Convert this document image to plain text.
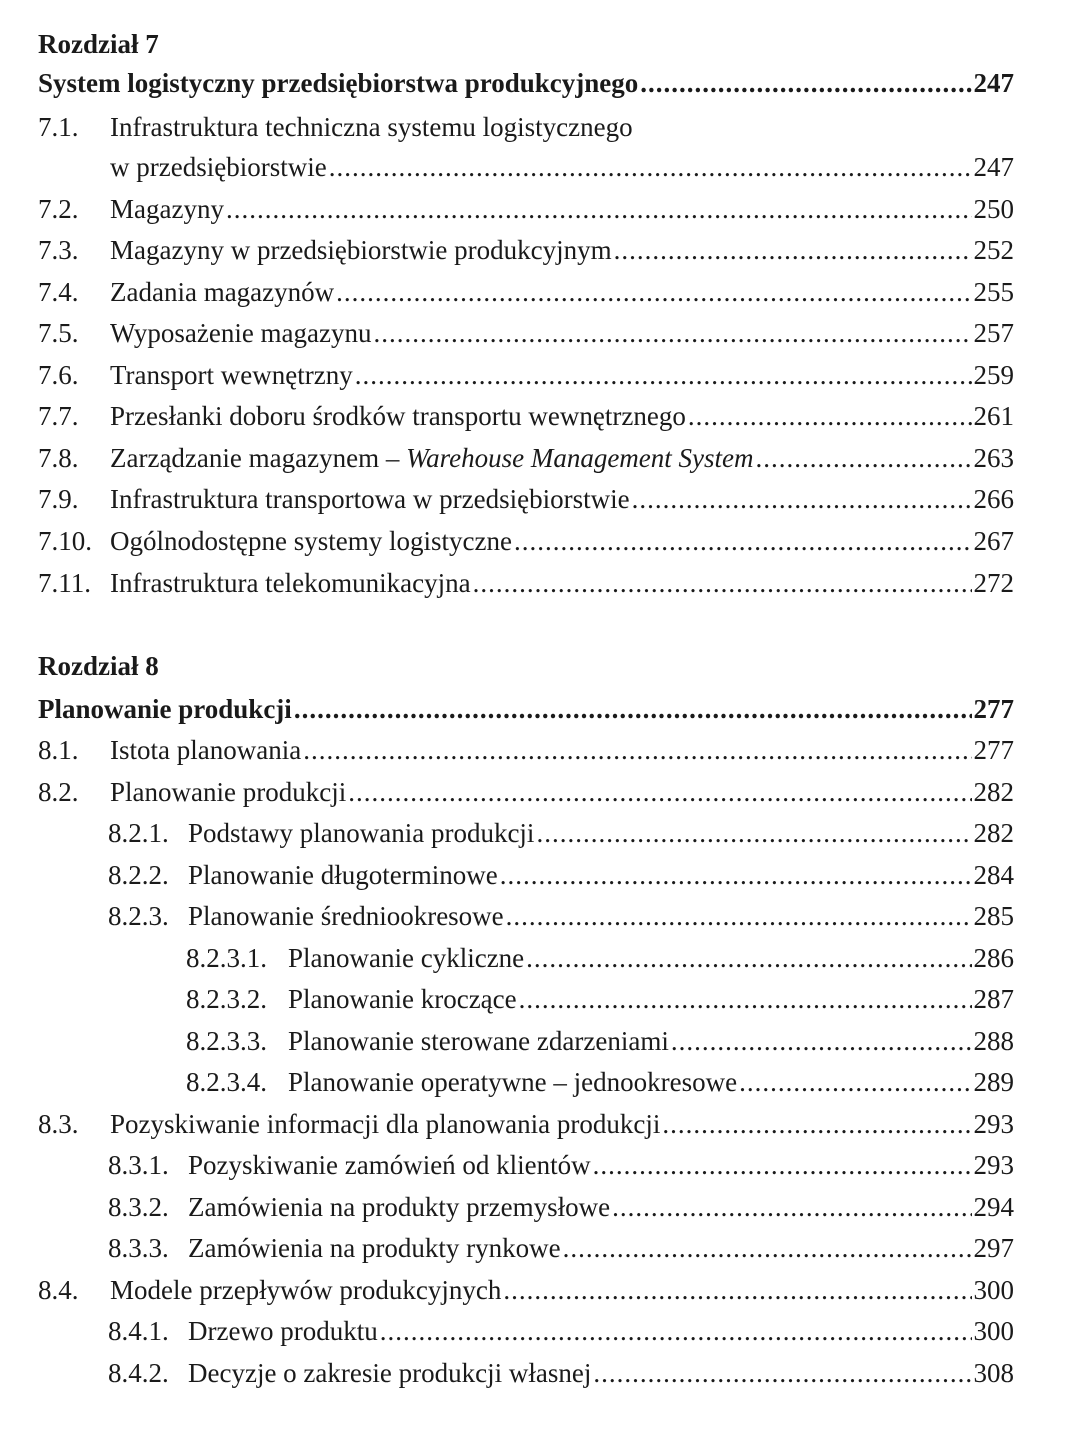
Rozdział 7
System logistyczny przedsiębiorstwa produkcyjnego .....	247
7.1.	Infrastruktura techniczna systemu logistycznego
w przedsiębiorstwie .....	247
7.2.	Magazyny .....	250
7.3.	Magazyny w przedsiębiorstwie produkcyjnym .....	252
7.4.	Zadania magazynów .....	255
7.5.	Wyposażenie magazynu .....	257
7.6.	Transport wewnętrzny .....	259
7.7.	Przesłanki doboru środków transportu wewnętrznego .....	261
7.8.	Zarządzanie magazynem – Warehouse Management System .....	263
7.9.	Infrastruktura transportowa w przedsiębiorstwie .....	266
7.10. Ogólnodostępne systemy logistyczne .....	267
7.11. Infrastruktura telekomunikacyjna .....	272
Rozdział 8
Planowanie produkcji .....	277
8.1.	Istota planowania .....	277
8.2.	Planowanie produkcji .....	282
8.2.1. Podstawy planowania produkcji .....	282
8.2.2. Planowanie długoterminowe .....	284
8.2.3. Planowanie średniookresowe .....	285
8.2.3.1. Planowanie cykliczne .....	286
8.2.3.2. Planowanie kroczące .....	287
8.2.3.3. Planowanie sterowane zdarzeniami .....	288
8.2.3.4. Planowanie operatywne – jednookresowe .....	289
8.3.	Pozyskiwanie informacji dla planowania produkcji .....	293
8.3.1. Pozyskiwanie zamówień od klientów .....	293
8.3.2. Zamówienia na produkty przemysłowe .....	294
8.3.3. Zamówienia na produkty rynkowe .....	297
8.4.	Modele przepływów produkcyjnych .....	300
8.4.1. Drzewo produktu .....	300
8.4.2. Decyzje o zakresie produkcji własnej .....	308
